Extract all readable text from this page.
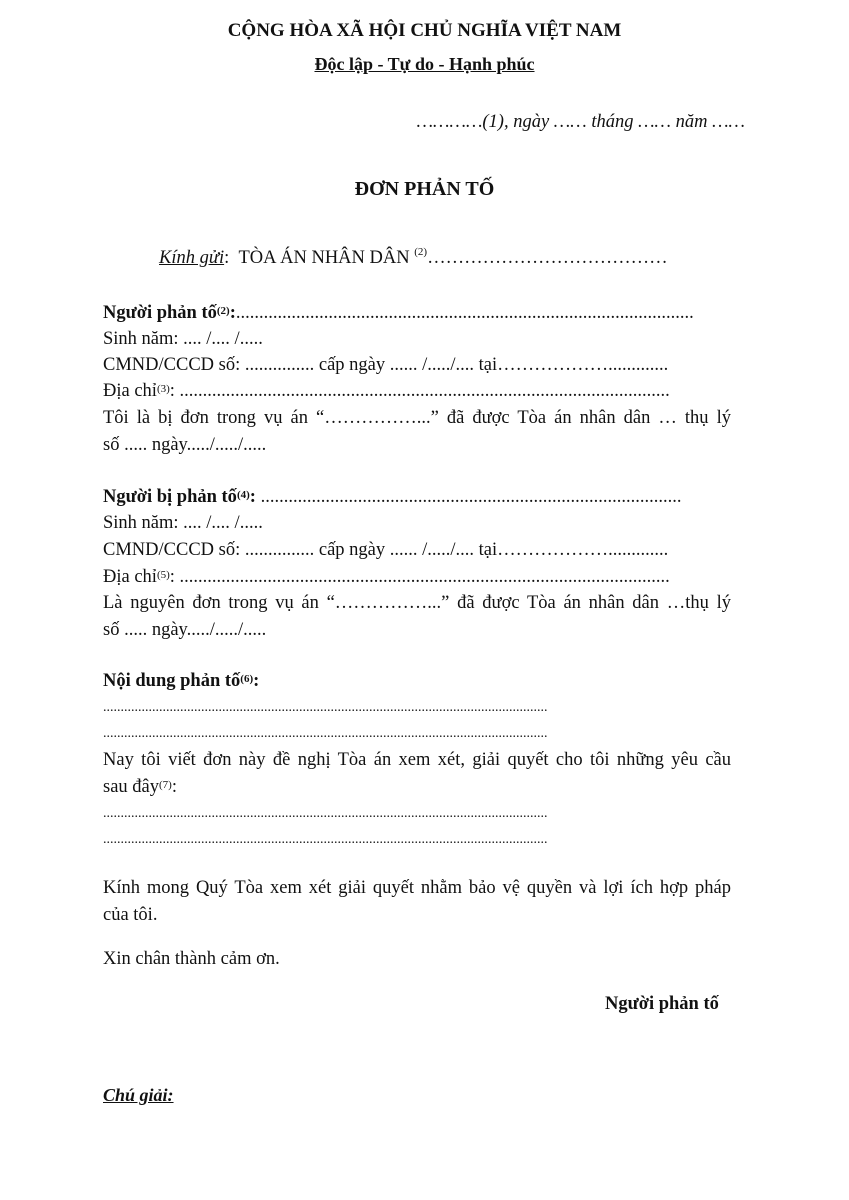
CỘNG HÒA XÃ HỘI CHỦ NGHĨA VIỆT NAM
Độc lập - Tự do - Hạnh phúc
…………(1), ngày …… tháng …… năm ……
ĐƠN PHẢN TỐ
Kính gửi: TÒA ÁN NHÂN DÂN $^{(2)}$…………………………………
Người phản tố$^{(2)}$:...................................................................................................
Sinh năm: .... /.... /.....
CMND/CCCD số: ............... cấp ngày ...... /...../.... tại……………….............
Địa chỉ$^{(3)}$: ..........................................................................................................
Tôi là bị đơn trong vụ án “……………...” đã được Tòa án nhân dân … thụ lý
số ..... ngày...../...../.....
Người bị phản tố$^{(4)}$: ...........................................................................................
Sinh năm: .... /.... /.....
CMND/CCCD số: ............... cấp ngày ...... /...../.... tại……………….............
Địa chỉ$^{(5)}$: ..........................................................................................................
Là nguyên đơn trong vụ án “……………...” đã được Tòa án nhân dân …thụ lý
số ..... ngày...../...../.....
Nội dung phản tố$^{(6)}$:
...............................................................................................................................
...............................................................................................................................
Nay tôi viết đơn này đề nghị Tòa án xem xét, giải quyết cho tôi những yêu cầu
sau đây$^{(7)}$:
...............................................................................................................................
...............................................................................................................................
Kính mong Quý Tòa xem xét giải quyết nhằm bảo vệ quyền và lợi ích hợp pháp
của tôi.
Xin chân thành cảm ơn.
Người phản tố
Chú giải:
